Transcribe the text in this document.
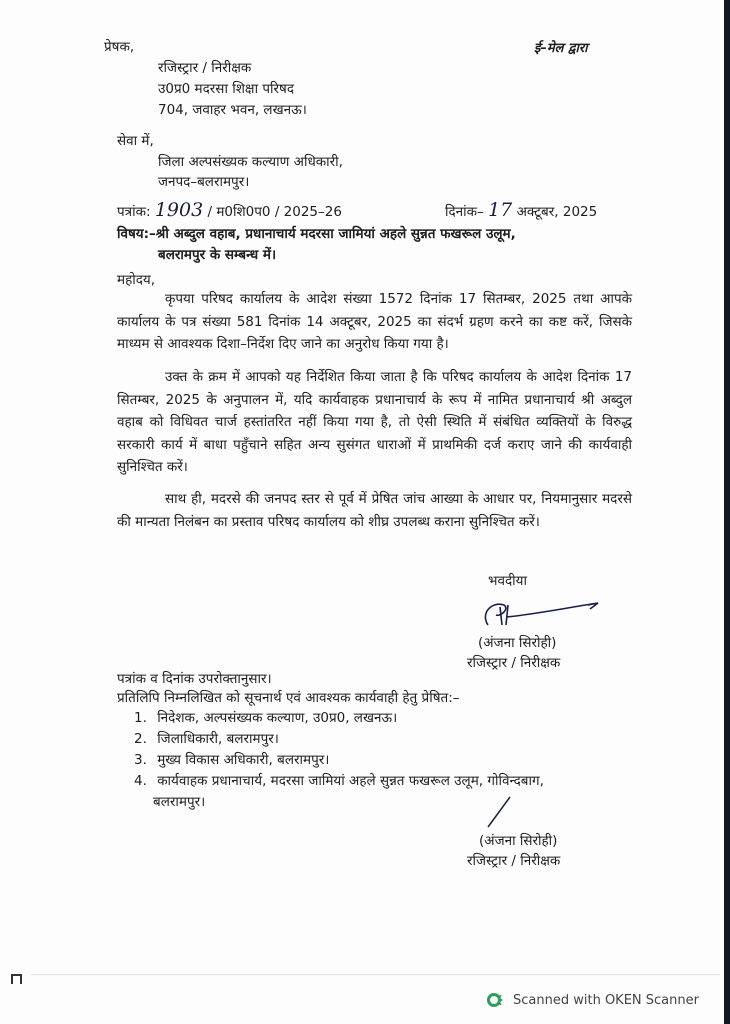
प्रेषक,	ई–मेल द्वारा
रजिस्ट्रार / निरीक्षक
उ0प्र0 मदरसा शिक्षा परिषद
704, जवाहर भवन, लखनऊ।
सेवा में,
जिला अल्पसंख्यक कल्याण अधिकारी,
जनपद–बलरामपुर।
पत्रांक: 1903 / म0शि0प0 / 2025–26	दिनांक– 17 अक्टूबर, 2025
विषय:–श्री अब्दुल वहाब, प्रधानाचार्य मदरसा जामियां अहले सुन्नत फखरूल उलूम,
बलरामपुर के सम्बन्ध में।
महोदय,
कृपया परिषद कार्यालय के आदेश संख्या 1572 दिनांक 17 सितम्बर, 2025 तथा आपके कार्यालय के पत्र संख्या 581 दिनांक 14 अक्टूबर, 2025 का संदर्भ ग्रहण करने का कष्ट करें, जिसके माध्यम से आवश्यक दिशा–निर्देश दिए जाने का अनुरोध किया गया है।
उक्त के क्रम में आपको यह निर्देशित किया जाता है कि परिषद कार्यालय के आदेश दिनांक 17 सितम्बर, 2025 के अनुपालन में, यदि कार्यवाहक प्रधानाचार्य के रूप में नामित प्रधानाचार्य श्री अब्दुल वहाब को विधिवत चार्ज हस्तांतरित नहीं किया गया है, तो ऐसी स्थिति में संबंधित व्यक्तियों के विरुद्ध सरकारी कार्य में बाधा पहुँचाने सहित अन्य सुसंगत धाराओं में प्राथमिकी दर्ज कराए जाने की कार्यवाही सुनिश्चित करें।
साथ ही, मदरसे की जनपद स्तर से पूर्व में प्रेषित जांच आख्या के आधार पर, नियमानुसार मदरसे की मान्यता निलंबन का प्रस्ताव परिषद कार्यालय को शीघ्र उपलब्ध कराना सुनिश्चित करें।
भवदीया
(अंजना सिरोही)
रजिस्ट्रार / निरीक्षक
पत्रांक व दिनांक उपरोक्तानुसार।
प्रतिलिपि निम्नलिखित को सूचनार्थ एवं आवश्यक कार्यवाही हेतु प्रेषित:–
1. निदेशक, अल्पसंख्यक कल्याण, उ0प्र0, लखनऊ।
2. जिलाधिकारी, बलरामपुर।
3. मुख्य विकास अधिकारी, बलरामपुर।
4. कार्यवाहक प्रधानाचार्य, मदरसा जामियां अहले सुन्नत फखरूल उलूम, गोविन्दबाग,
बलरामपुर।
(अंजना सिरोही)
रजिस्ट्रार / निरीक्षक
Scanned with OKEN Scanner
